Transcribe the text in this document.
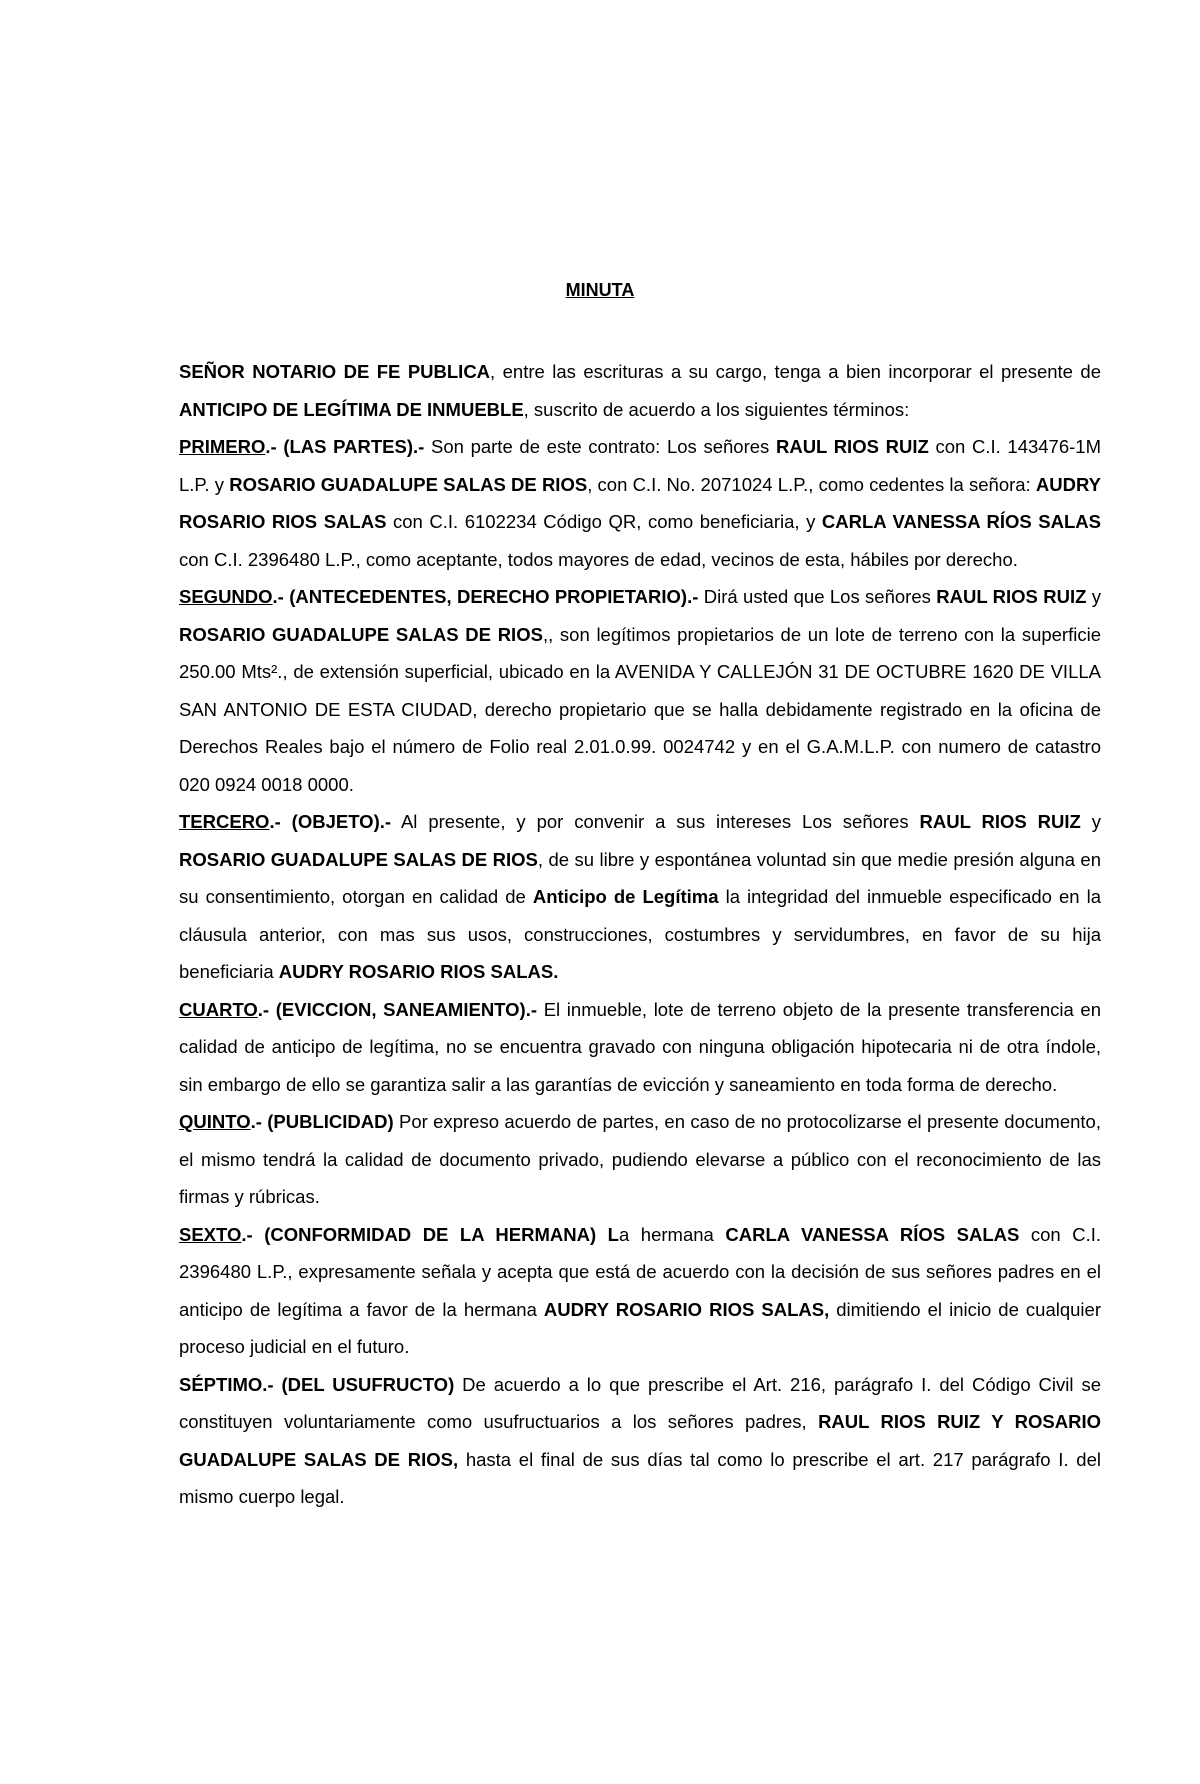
MINUTA

SEÑOR NOTARIO DE FE PUBLICA, entre las escrituras a su cargo, tenga a bien incorporar el presente de ANTICIPO DE LEGÍTIMA DE INMUEBLE, suscrito de acuerdo a los siguientes términos:

PRIMERO.- (LAS PARTES).- Son parte de este contrato: Los señores RAUL RIOS RUIZ con C.I. 143476-1M L.P. y ROSARIO GUADALUPE SALAS DE RIOS, con C.I. No. 2071024 L.P., como cedentes la señora: AUDRY ROSARIO RIOS SALAS con C.I. 6102234 Código QR, como beneficiaria, y CARLA VANESSA RÍOS SALAS con C.I. 2396480 L.P., como aceptante, todos mayores de edad, vecinos de esta, hábiles por derecho.

SEGUNDO.- (ANTECEDENTES, DERECHO PROPIETARIO).- Dirá usted que Los señores RAUL RIOS RUIZ y ROSARIO GUADALUPE SALAS DE RIOS,, son legítimos propietarios de un lote de terreno con la superficie 250.00 Mts²., de extensión superficial, ubicado en la AVENIDA Y CALLEJÓN 31 DE OCTUBRE 1620 DE VILLA SAN ANTONIO DE ESTA CIUDAD, derecho propietario que se halla debidamente registrado en la oficina de Derechos Reales bajo el número de Folio real 2.01.0.99. 0024742 y en el G.A.M.L.P. con numero de catastro 020 0924 0018 0000.

TERCERO.- (OBJETO).- Al presente, y por convenir a sus intereses Los señores RAUL RIOS RUIZ y ROSARIO GUADALUPE SALAS DE RIOS, de su libre y espontánea voluntad sin que medie presión alguna en su consentimiento, otorgan en calidad de Anticipo de Legítima la integridad del inmueble especificado en la cláusula anterior, con mas sus usos, construcciones, costumbres y servidumbres, en favor de su hija beneficiaria AUDRY ROSARIO RIOS SALAS.

CUARTO.- (EVICCION, SANEAMIENTO).- El inmueble, lote de terreno objeto de la presente transferencia en calidad de anticipo de legítima, no se encuentra gravado con ninguna obligación hipotecaria ni de otra índole, sin embargo de ello se garantiza salir a las garantías de evicción y saneamiento en toda forma de derecho.

QUINTO.- (PUBLICIDAD) Por expreso acuerdo de partes, en caso de no protocolizarse el presente documento, el mismo tendrá la calidad de documento privado, pudiendo elevarse a público con el reconocimiento de las firmas y rúbricas.

SEXTO.- (CONFORMIDAD DE LA HERMANA) La hermana CARLA VANESSA RÍOS SALAS con C.I. 2396480 L.P., expresamente señala y acepta que está de acuerdo con la decisión de sus señores padres en el anticipo de legítima a favor de la hermana AUDRY ROSARIO RIOS SALAS, dimitiendo el inicio de cualquier proceso judicial en el futuro.

SÉPTIMO.- (DEL USUFRUCTO) De acuerdo a lo que prescribe el Art. 216, parágrafo I. del Código Civil se constituyen voluntariamente como usufructuarios a los señores padres, RAUL RIOS RUIZ Y ROSARIO GUADALUPE SALAS DE RIOS, hasta el final de sus días tal como lo prescribe el art. 217 parágrafo I. del mismo cuerpo legal.
